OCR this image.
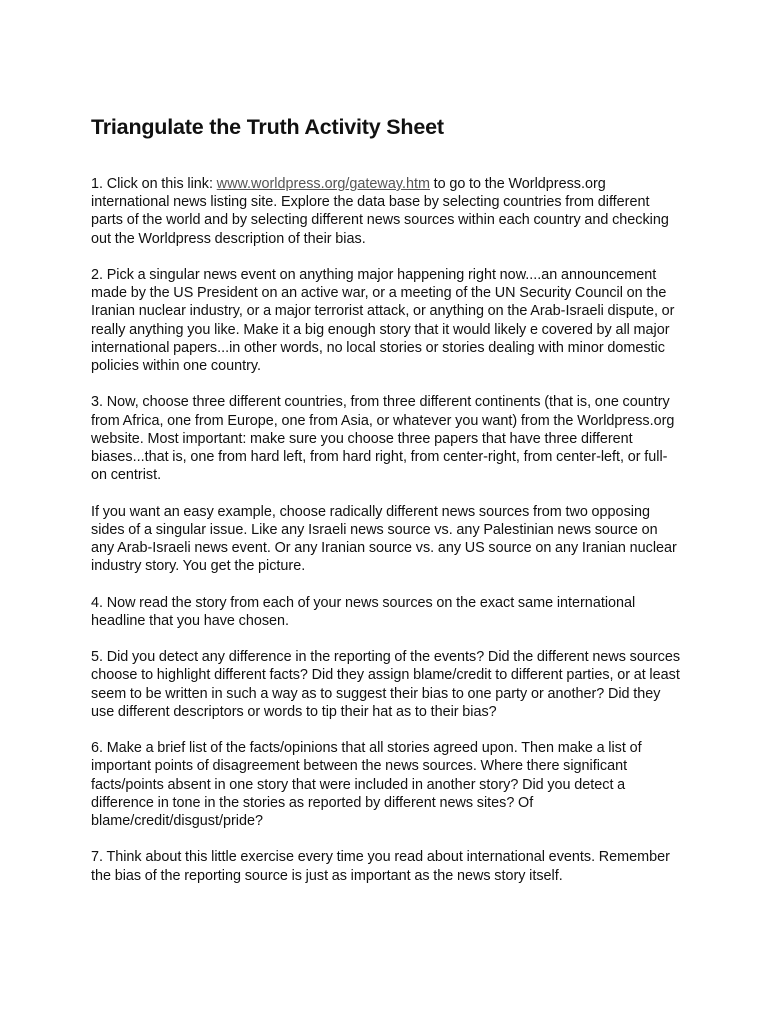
Triangulate the Truth Activity Sheet

1. Click on this link: www.worldpress.org/gateway.htm to go to the Worldpress.org international news listing site. Explore the data base by selecting countries from different parts of the world and by selecting different news sources within each country and checking out the Worldpress description of their bias.

2. Pick a singular news event on anything major happening right now....an announcement made by the US President on an active war, or a meeting of the UN Security Council on the Iranian nuclear industry, or a major terrorist attack, or anything on the Arab-Israeli dispute, or really anything you like. Make it a big enough story that it would likely e covered by all major international papers...in other words, no local stories or stories dealing with minor domestic policies within one country.

3. Now, choose three different countries, from three different continents (that is, one country from Africa, one from Europe, one from Asia, or whatever you want) from the Worldpress.org website. Most important: make sure you choose three papers that have three different biases...that is, one from hard left, from hard right, from center-right, from center-left, or full-on centrist.

If you want an easy example, choose radically different news sources from two opposing sides of a singular issue. Like any Israeli news source vs. any Palestinian news source on any Arab-Israeli news event. Or any Iranian source vs. any US source on any Iranian nuclear industry story. You get the picture.

4. Now read the story from each of your news sources on the exact same international headline that you have chosen.

5. Did you detect any difference in the reporting of the events? Did the different news sources choose to highlight different facts? Did they assign blame/credit to different parties, or at least seem to be written in such a way as to suggest their bias to one party or another? Did they use different descriptors or words to tip their hat as to their bias?

6. Make a brief list of the facts/opinions that all stories agreed upon. Then make a list of important points of disagreement between the news sources. Where there significant facts/points absent in one story that were included in another story? Did you detect a difference in tone in the stories as reported by different news sites? Of blame/credit/disgust/pride?

7. Think about this little exercise every time you read about international events. Remember the bias of the reporting source is just as important as the news story itself.
